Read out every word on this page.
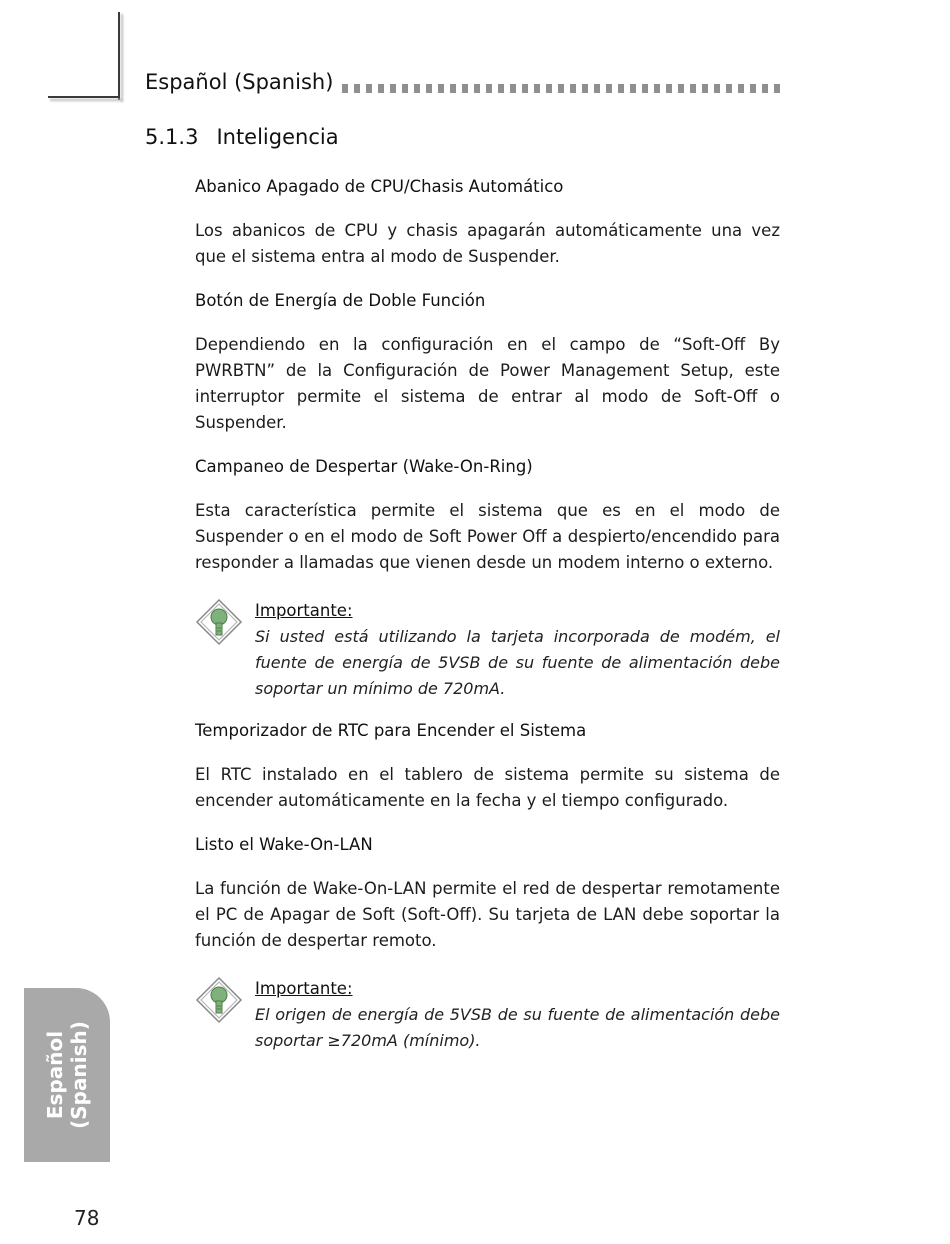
Español (Spanish)
5.1.3 Inteligencia

Abanico Apagado de CPU/Chasis Automático

Los abanicos de CPU y chasis apagarán automáticamente una vez que el sistema entra al modo de Suspender.

Botón de Energía de Doble Función

Dependiendo en la configuración en el campo de “Soft-Off By PWRBTN” de la Configuración de Power Management Setup, este interruptor permite el sistema de entrar al modo de Soft-Off o Suspender.

Campaneo de Despertar (Wake-On-Ring)

Esta característica permite el sistema que es en el modo de Suspender o en el modo de Soft Power Off a despierto/encendido para responder a llamadas que vienen desde un modem interno o externo.

Importante:
Si usted está utilizando la tarjeta incorporada de modém, el fuente de energía de 5VSB de su fuente de alimentación debe soportar un mínimo de 720mA.

Temporizador de RTC para Encender el Sistema

El RTC instalado en el tablero de sistema permite su sistema de encender automáticamente en la fecha y el tiempo configurado.

Listo el Wake-On-LAN

La función de Wake-On-LAN permite el red de despertar remotamente el PC de Apagar de Soft (Soft-Off). Su tarjeta de LAN debe soportar la función de despertar remoto.

Importante:
El origen de energía de 5VSB de su fuente de alimentación debe soportar ≥720mA (mínimo).
Español (Spanish)
78
